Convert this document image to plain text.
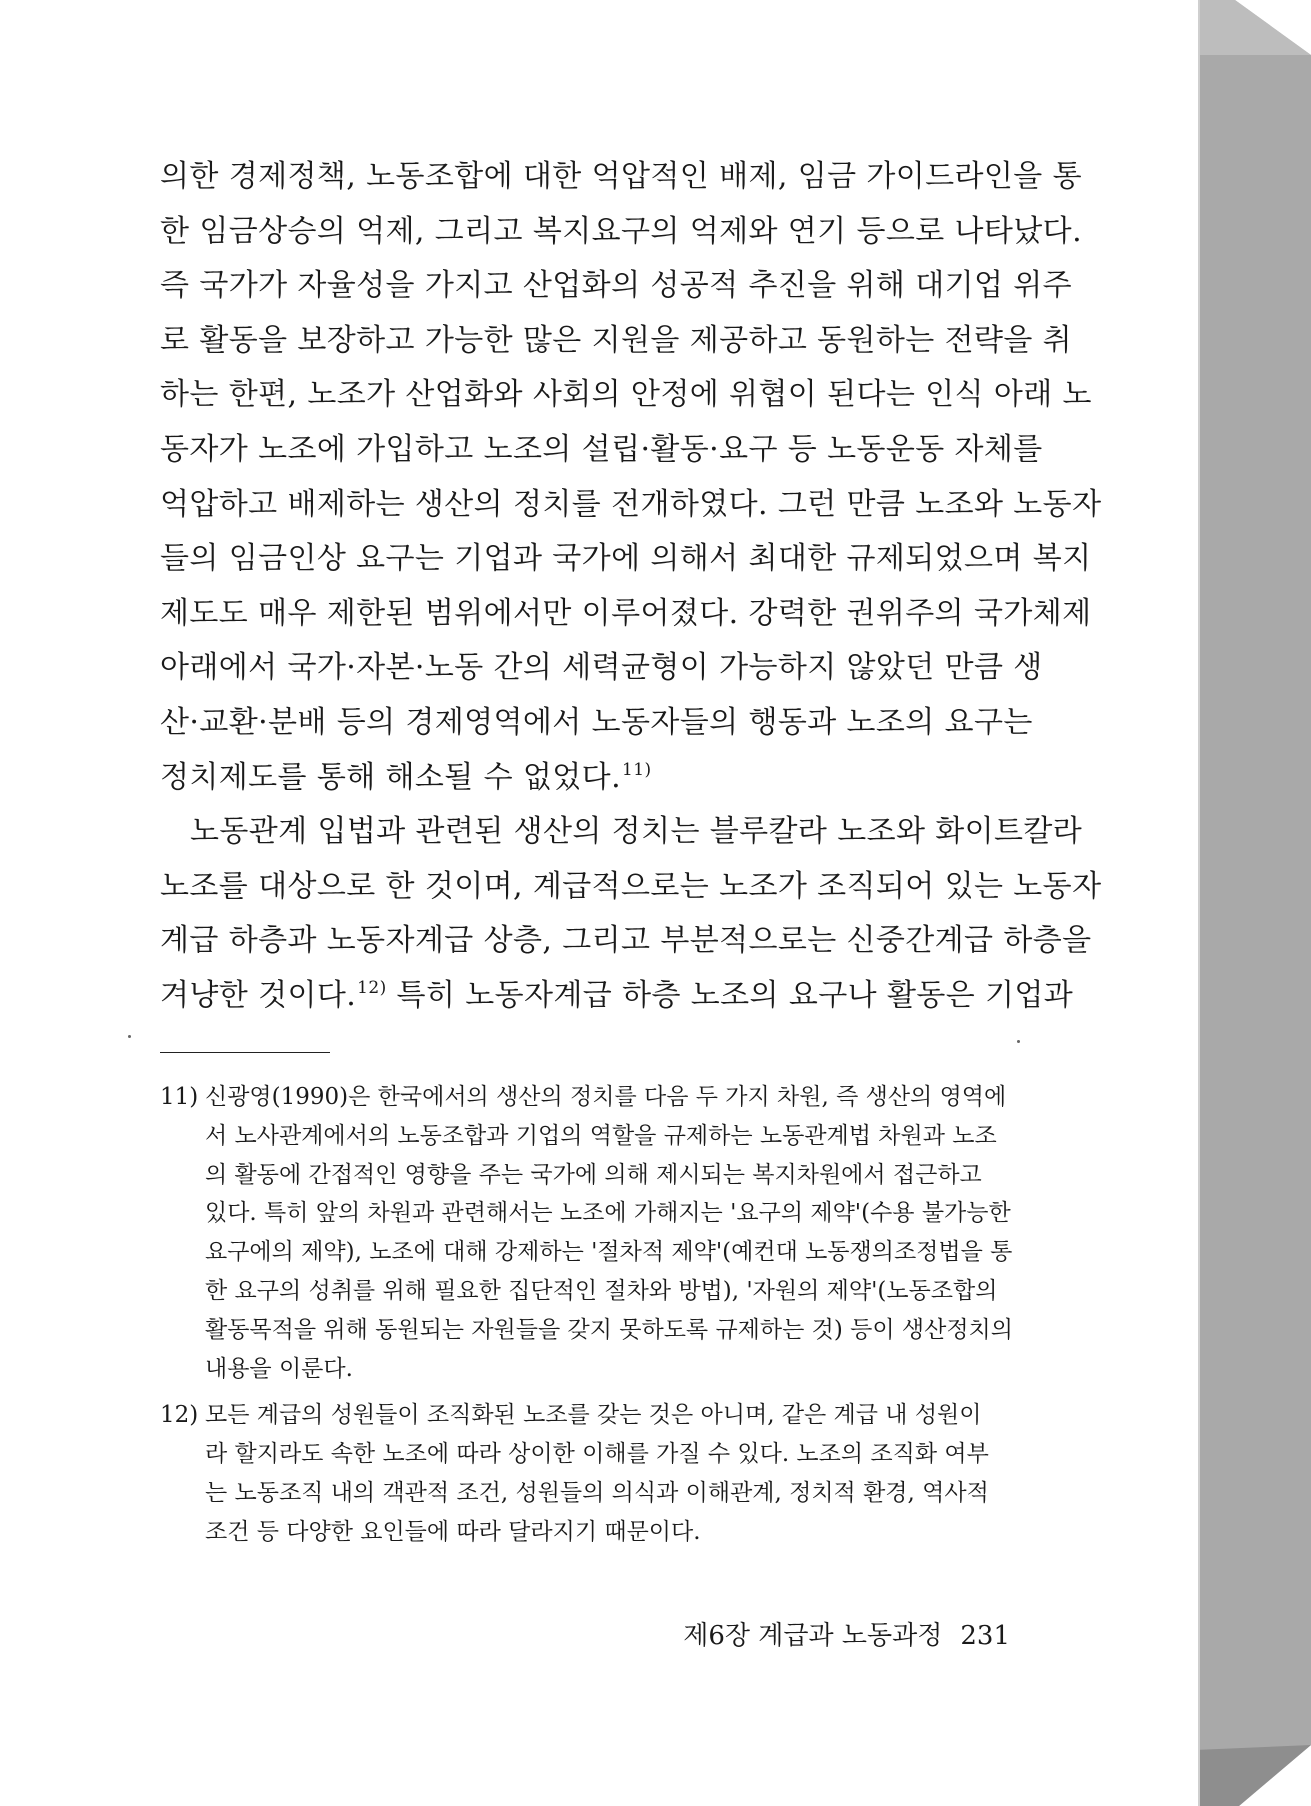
의한 경제정책, 노동조합에 대한 억압적인 배제, 임금 가이드라인을 통
한 임금상승의 억제, 그리고 복지요구의 억제와 연기 등으로 나타났다.
즉 국가가 자율성을 가지고 산업화의 성공적 추진을 위해 대기업 위주
로 활동을 보장하고 가능한 많은 지원을 제공하고 동원하는 전략을 취
하는 한편, 노조가 산업화와 사회의 안정에 위협이 된다는 인식 아래 노
동자가 노조에 가입하고 노조의 설립·활동·요구 등 노동운동 자체를
억압하고 배제하는 생산의 정치를 전개하였다. 그런 만큼 노조와 노동자
들의 임금인상 요구는 기업과 국가에 의해서 최대한 규제되었으며 복지
제도도 매우 제한된 범위에서만 이루어졌다. 강력한 권위주의 국가체제
아래에서 국가·자본·노동 간의 세력균형이 가능하지 않았던 만큼 생
산·교환·분배 등의 경제영역에서 노동자들의 행동과 노조의 요구는
정치제도를 통해 해소될 수 없었다.$^{11)}$
노동관계 입법과 관련된 생산의 정치는 블루칼라 노조와 화이트칼라
노조를 대상으로 한 것이며, 계급적으로는 노조가 조직되어 있는 노동자
계급 하층과 노동자계급 상층, 그리고 부분적으로는 신중간계급 하층을
겨냥한 것이다.$^{12)}$ 특히 노동자계급 하층 노조의 요구나 활동은 기업과
11) 신광영(1990)은 한국에서의 생산의 정치를 다음 두 가지 차원, 즉 생산의 영역에
서 노사관계에서의 노동조합과 기업의 역할을 규제하는 노동관계법 차원과 노조
의 활동에 간접적인 영향을 주는 국가에 의해 제시되는 복지차원에서 접근하고
있다. 특히 앞의 차원과 관련해서는 노조에 가해지는 '요구의 제약'(수용 불가능한
요구에의 제약), 노조에 대해 강제하는 '절차적 제약'(예컨대 노동쟁의조정법을 통
한 요구의 성취를 위해 필요한 집단적인 절차와 방법), '자원의 제약'(노동조합의
활동목적을 위해 동원되는 자원들을 갖지 못하도록 규제하는 것) 등이 생산정치의
내용을 이룬다.
12) 모든 계급의 성원들이 조직화된 노조를 갖는 것은 아니며, 같은 계급 내 성원이
라 할지라도 속한 노조에 따라 상이한 이해를 가질 수 있다. 노조의 조직화 여부
는 노동조직 내의 객관적 조건, 성원들의 의식과 이해관계, 정치적 환경, 역사적
조건 등 다양한 요인들에 따라 달라지기 때문이다.
제6장 계급과 노동과정 231
